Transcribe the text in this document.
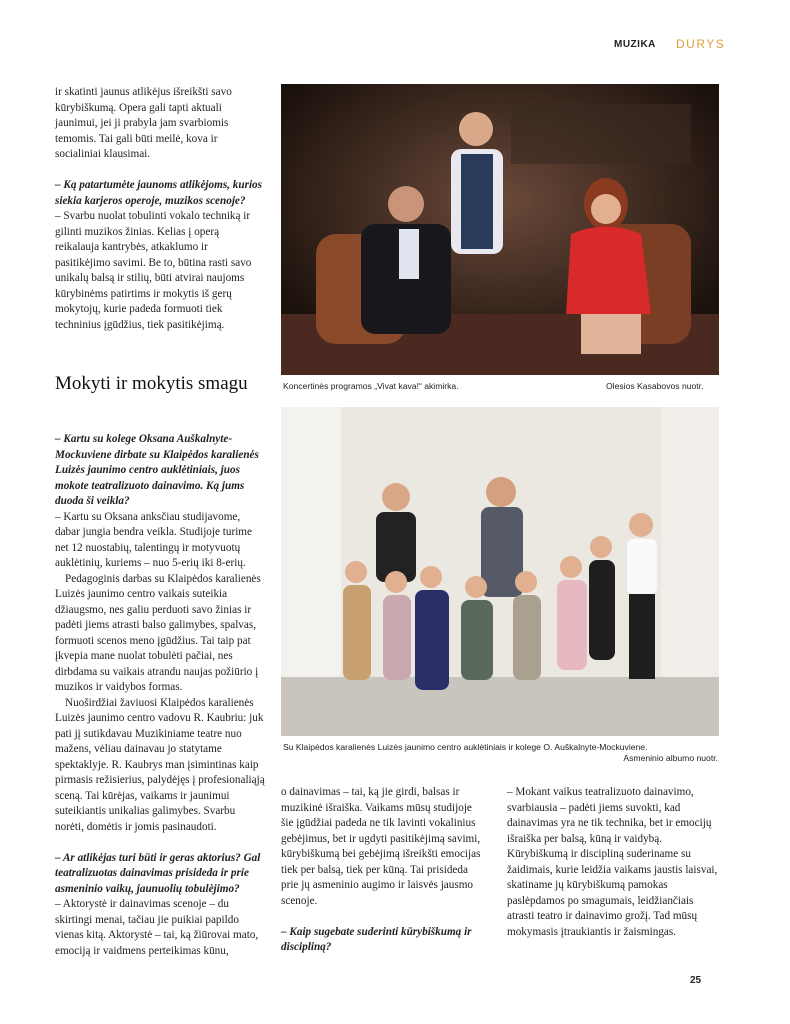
MUZIKA DURYS

ir skatinti jaunus atlikėjus išreikšti savo kūrybiškumą. Opera gali tapti aktuali jaunimui, jei ji prabyla jam svarbiomis temomis. Tai gali būti meilė, kova ir socialiniai klausimai.

– Ką patartumėte jaunoms atlikėjoms, kurios siekia karjeros operoje, muzikos scenoje?

– Svarbu nuolat tobulinti vokalo techniką ir gilinti muzikos žinias. Kelias į operą reikalauja kantrybės, atkaklumo ir pasitikėjimo savimi. Be to, būtina rasti savo unikalų balsą ir stilių, būti atvirai naujoms kūrybinėms patirtims ir mokytis iš gerų mokytojų, kurie padeda formuoti tiek techninius įgūdžius, tiek pasitikėjimą.

Mokyti ir mokytis smagu

– Kartu su kolege Oksana Auškalnyte-Mockuviene dirbate su Klaipėdos karalienės Luizės jaunimo centro auklėtiniais, juos mokote teatralizuoto dainavimo. Ką jums duoda ši veikla?

– Kartu su Oksana anksčiau studijavome, dabar jungia bendra veikla. Studijoje turime net 12 nuostabių, talentingų ir motyvuotų auklėtinių, kuriems – nuo 5-erių iki 8-erių.

Pedagoginis darbas su Klaipėdos karalienės Luizės jaunimo centro vaikais suteikia džiaugsmo, nes galiu perduoti savo žinias ir padėti jiems atrasti balso galimybes, spalvas, formuoti scenos meno įgūdžius. Tai taip pat įkvepia mane nuolat tobulėti pačiai, nes dirbdama su vaikais atrandu naujas požiūrio į muzikos ir vaidybos formas.

Nuoširdžiai žaviuosi Klaipėdos karalienės Luizės jaunimo centro vadovu R. Kaubriu: juk pati jį sutikdavau Muzikiniame teatre nuo mažens, vėliau dainavau jo statytame spektaklyje. R. Kaubrys man įsimintinas kaip pirmasis režisierius, palydėjęs į profesionaliąją sceną. Tai kūrėjas, vaikams ir jaunimui suteikiantis unikalias galimybes. Svarbu norėti, domėtis ir jomis pasinaudoti.

– Ar atlikėjas turi būti ir geras aktorius? Gal teatralizuotas dainavimas prisideda ir prie asmeninio vaikų, jaunuolių tobulėjimo?

– Aktorystė ir dainavimas scenoje – du skirtingi menai, tačiau jie puikiai papildo vienas kitą. Aktorystė – tai, ką žiūrovai mato, emociją ir vaidmens perteikimas kūnu,

Koncertinės programos „Vivat kava!“ akimirka.	Olesios Kasabovos nuotr.
Su Klaipėdos karalienės Luizės jaunimo centro auklėtiniais ir kolege O. Auškalnyte-Mockuviene.
Asmeninio albumo nuotr.

o dainavimas – tai, ką jie girdi, balsas ir muzikinė išraiška. Vaikams mūsų studijoje šie įgūdžiai padeda ne tik lavinti vokalinius gebėjimus, bet ir ugdyti pasitikėjimą savimi, kūrybiškumą bei gebėjimą išreikšti emocijas tiek per balsą, tiek per kūną. Tai prisideda prie jų asmeninio augimo ir laisvės jausmo scenoje.

– Kaip sugebate suderinti kūrybiškumą ir discipliną?

– Mokant vaikus teatralizuoto dainavimo, svarbiausia – padėti jiems suvokti, kad dainavimas yra ne tik technika, bet ir emocijų išraiška per balsą, kūną ir vaidybą. Kūrybiškumą ir discipliną suderiname su žaidimais, kurie leidžia vaikams jaustis laisvai, skatiname jų kūrybiškumą pamokas paslėpdamos po smagumais, leidžiančiais atrasti teatro ir dainavimo grožį. Tad mūsų mokymasis įtraukiantis ir žaismingas.

25
